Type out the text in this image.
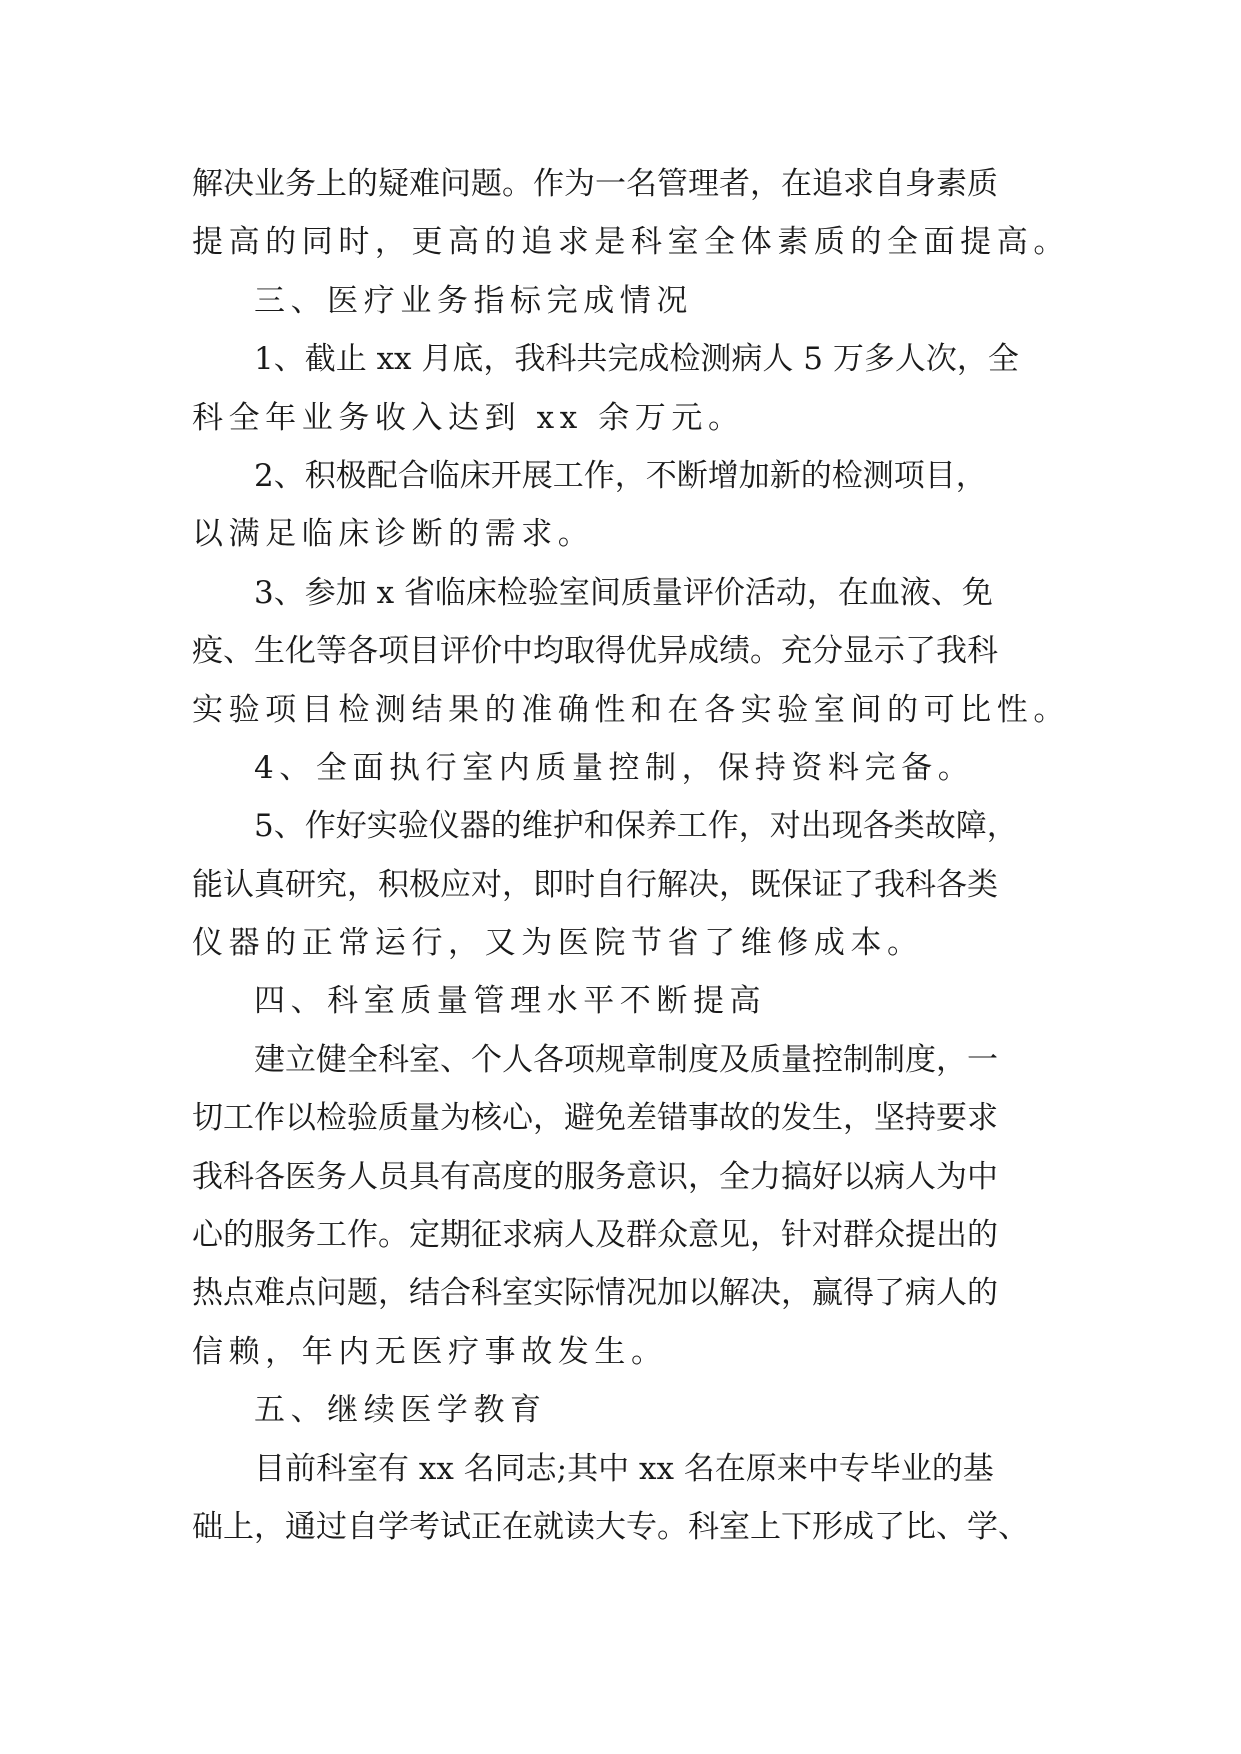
解决业务上的疑难问题。作为一名管理者，在追求自身素质
提高的同时，更高的追求是科室全体素质的全面提高。
三、医疗业务指标完成情况
1、截止 xx 月底，我科共完成检测病人 5 万多人次，全
科全年业务收入达到 xx 余万元。
2、积极配合临床开展工作，不断增加新的检测项目，
以满足临床诊断的需求。
3、参加 x 省临床检验室间质量评价活动，在血液、免
疫、生化等各项目评价中均取得优异成绩。充分显示了我科
实验项目检测结果的准确性和在各实验室间的可比性。
4、全面执行室内质量控制，保持资料完备。
5、作好实验仪器的维护和保养工作，对出现各类故障，
能认真研究，积极应对，即时自行解决，既保证了我科各类
仪器的正常运行，又为医院节省了维修成本。
四、科室质量管理水平不断提高
建立健全科室、个人各项规章制度及质量控制制度，一
切工作以检验质量为核心，避免差错事故的发生，坚持要求
我科各医务人员具有高度的服务意识，全力搞好以病人为中
心的服务工作。定期征求病人及群众意见，针对群众提出的
热点难点问题，结合科室实际情况加以解决，赢得了病人的
信赖，年内无医疗事故发生。
五、继续医学教育
目前科室有 xx 名同志;其中 xx 名在原来中专毕业的基
础上，通过自学考试正在就读大专。科室上下形成了比、学、
